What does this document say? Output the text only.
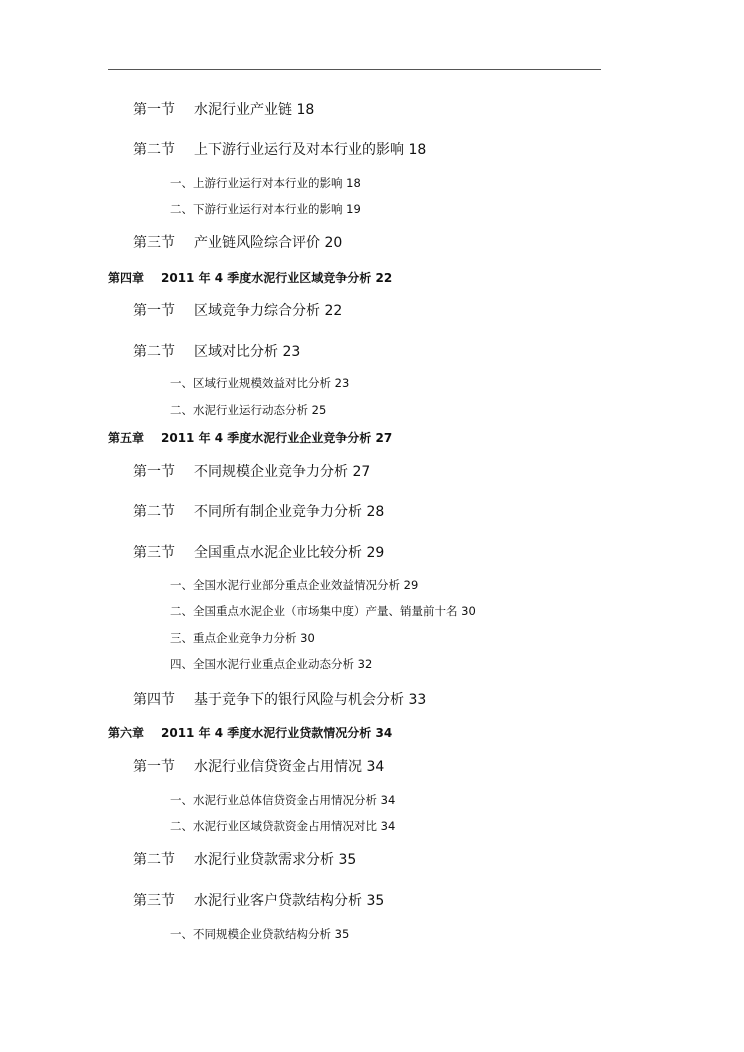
第一节 水泥行业产业链 18
第二节 上下游行业运行及对本行业的影响 18
一、上游行业运行对本行业的影响 18
二、下游行业运行对本行业的影响 19
第三节 产业链风险综合评价 20
第四章 2011 年 4 季度水泥行业区域竞争分析 22
第一节 区域竞争力综合分析 22
第二节 区域对比分析 23
一、区域行业规模效益对比分析 23
二、水泥行业运行动态分析 25
第五章 2011 年 4 季度水泥行业企业竞争分析 27
第一节 不同规模企业竞争力分析 27
第二节 不同所有制企业竞争力分析 28
第三节 全国重点水泥企业比较分析 29
一、全国水泥行业部分重点企业效益情况分析 29
二、全国重点水泥企业（市场集中度）产量、销量前十名 30
三、重点企业竞争力分析 30
四、全国水泥行业重点企业动态分析 32
第四节 基于竞争下的银行风险与机会分析 33
第六章 2011 年 4 季度水泥行业贷款情况分析 34
第一节 水泥行业信贷资金占用情况 34
一、水泥行业总体信贷资金占用情况分析 34
二、水泥行业区域贷款资金占用情况对比 34
第二节 水泥行业贷款需求分析 35
第三节 水泥行业客户贷款结构分析 35
一、不同规模企业贷款结构分析 35
